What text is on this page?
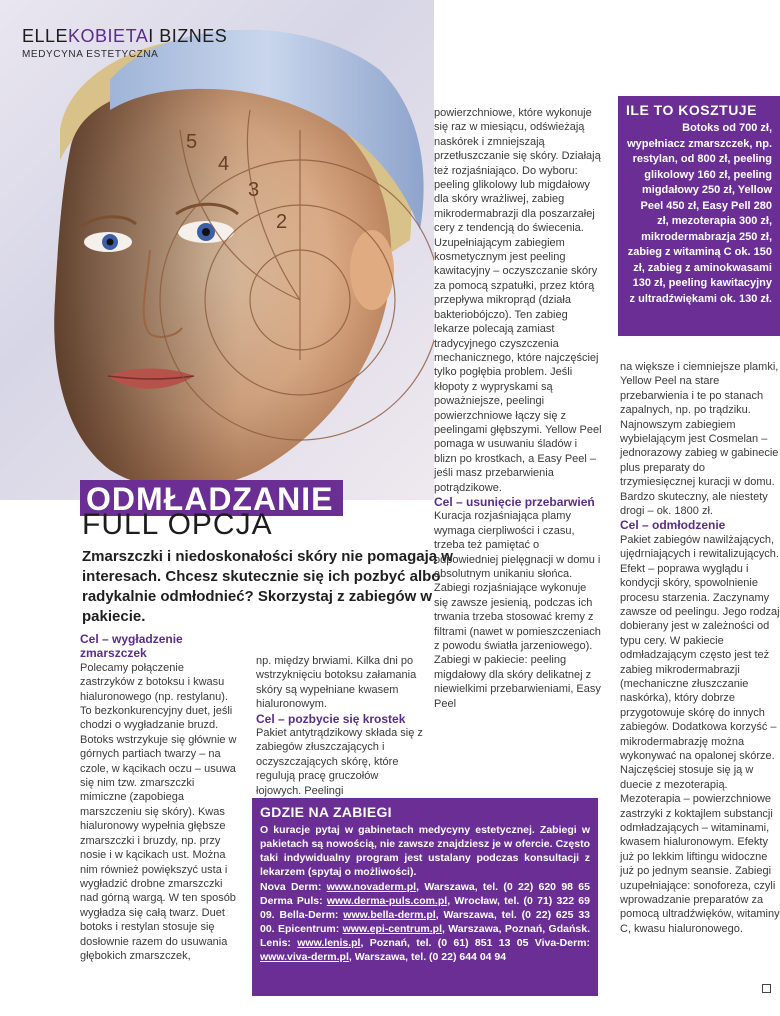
5
4
3
2
ELLEKOBIETAI BIZNES
MEDYCYNA ESTETYCZNA
ODMŁADZANIE
FULL OPCJA
Zmarszczki i niedoskonałości skóry nie pomagają w interesach. Chcesz skutecznie się ich pozbyć albo radykalnie odmłodnieć? Skorzystaj z zabiegów w pakiecie.
Cel – wygładzenie zmarszczek

Polecamy połączenie zastrzyków z botoksu i kwasu hialuronowego (np. restylanu). To bezkonkurencyjny duet, jeśli chodzi o wygładzanie bruzd. Botoks wstrzykuje się głównie w górnych partiach twarzy – na czole, w kącikach oczu – usuwa się nim tzw. zmarszczki mimiczne (zapobiega marszczeniu się skóry). Kwas hialuronowy wypełnia głębsze zmarszczki i bruzdy, np. przy nosie i w kącikach ust. Można nim również powiększyć usta i wygładzić drobne zmarszczki nad górną wargą. W ten sposób wygładza się całą twarz. Duet botoks i restylan stosuje się dosłownie razem do usuwania głębokich zmarszczek,

np. między brwiami. Kilka dni po wstrzyknięciu botoksu załamania skóry są wypełniane kwasem hialuronowym.

Cel – pozbycie się krostek

Pakiet antytrądzikowy składa się z zabiegów złuszczających i oczyszczających skórę, które regulują pracę gruczołów łojowych. Peelingi

powierzchniowe, które wykonuje się raz w miesiącu, odświeżają naskórek i zmniejszają przetłuszczanie się skóry. Działają też rozjaśniająco. Do wyboru: peeling glikolowy lub migdałowy dla skóry wrażliwej, zabieg mikrodermabrazji dla poszarzałej cery z tendencją do świecenia. Uzupełniającym zabiegiem kosmetycznym jest peeling kawitacyjny – oczyszczanie skóry za pomocą szpatułki, przez którą przepływa mikroprąd (działa bakteriobójczo). Ten zabieg lekarze polecają zamiast tradycyjnego czyszczenia mechanicznego, które najczęściej tylko pogłębia problem. Jeśli kłopoty z wypryskami są poważniejsze, peelingi powierzchniowe łączy się z peelingami głębszymi. Yellow Peel pomaga w usuwaniu śladów i blizn po krostkach, a Easy Peel – jeśli masz przebarwienia potrądzikowe.

Cel – usunięcie przebarwień

Kuracja rozjaśniająca plamy wymaga cierpliwości i czasu, trzeba też pamiętać o odpowiedniej pielęgnacji w domu i absolutnym unikaniu słońca. Zabiegi rozjaśniające wykonuje się zawsze jesienią, podczas ich trwania trzeba stosować kremy z filtrami (nawet w pomieszczeniach z powodu światła jarzeniowego). Zabiegi w pakiecie: peeling migdałowy dla skóry delikatnej z niewielkimi przebarwieniami, Easy Peel

ILE TO KOSZTUJE

Botoks od 700 zł, wypełniacz zmarszczek, np. restylan, od 800 zł, peeling glikolowy 160 zł, peeling migdałowy 250 zł, Yellow Peel 450 zł, Easy Pell 280 zł, mezoterapia 300 zł, mikrodermabrazja 250 zł, zabieg z witaminą C ok. 150 zł, zabieg z aminokwasami 130 zł, peeling kawitacyjny z ultradźwiękami ok. 130 zł.

na większe i ciemniejsze plamki, Yellow Peel na stare przebarwienia i te po stanach zapalnych, np. po trądziku. Najnowszym zabiegiem wybielającym jest Cosmelan – jednorazowy zabieg w gabinecie plus preparaty do trzymiesięcznej kuracji w domu. Bardzo skuteczny, ale niestety drogi – ok. 1800 zł.

Cel – odmłodzenie

Pakiet zabiegów nawilżających, ujędrniających i rewitalizujących. Efekt – poprawa wyglądu i kondycji skóry, spowolnienie procesu starzenia. Zaczynamy zawsze od peelingu. Jego rodzaj dobierany jest w zależności od typu cery. W pakiecie odmładzającym często jest też zabieg mikrodermabrazji (mechaniczne złuszczanie naskórka), który dobrze przygotowuje skórę do innych zabiegów. Dodatkowa korzyść – mikrodermabrazję można wykonywać na opalonej skórze. Najczęściej stosuje się ją w duecie z mezoterapią. Mezoterapia – powierzchniowe zastrzyki z koktajlem substancji odmładzających – witaminami, kwasem hialuronowym. Efekty już po lekkim liftingu widoczne już po jednym seansie. Zabiegi uzupełniające: sonoforeza, czyli wprowadzanie preparatów za pomocą ultradźwięków, witaminy C, kwasu hialuronowego.

GDZIE NA ZABIEGI

O kuracje pytaj w gabinetach medycyny estetycznej. Zabiegi w pakietach są nowością, nie zawsze znajdziesz je w ofercie. Często taki indywidualny program jest ustalany podczas konsultacji z lekarzem (spytaj o możliwości).

Nova Derm: www.novaderm.pl, Warszawa, tel. (0 22) 620 98 65 Derma Puls: www.derma-puls.com.pl, Wrocław, tel. (0 71) 322 69 09. Bella-Derm: www.bella-derm.pl, Warszawa, tel. (0 22) 625 33 00. Epicentrum: www.epi-centrum.pl, Warszawa, Poznań, Gdańsk. Lenis: www.lenis.pl, Poznań, tel. (0 61) 851 13 05 Viva-Derm: www.viva-derm.pl, Warszawa, tel. (0 22) 644 04 94
